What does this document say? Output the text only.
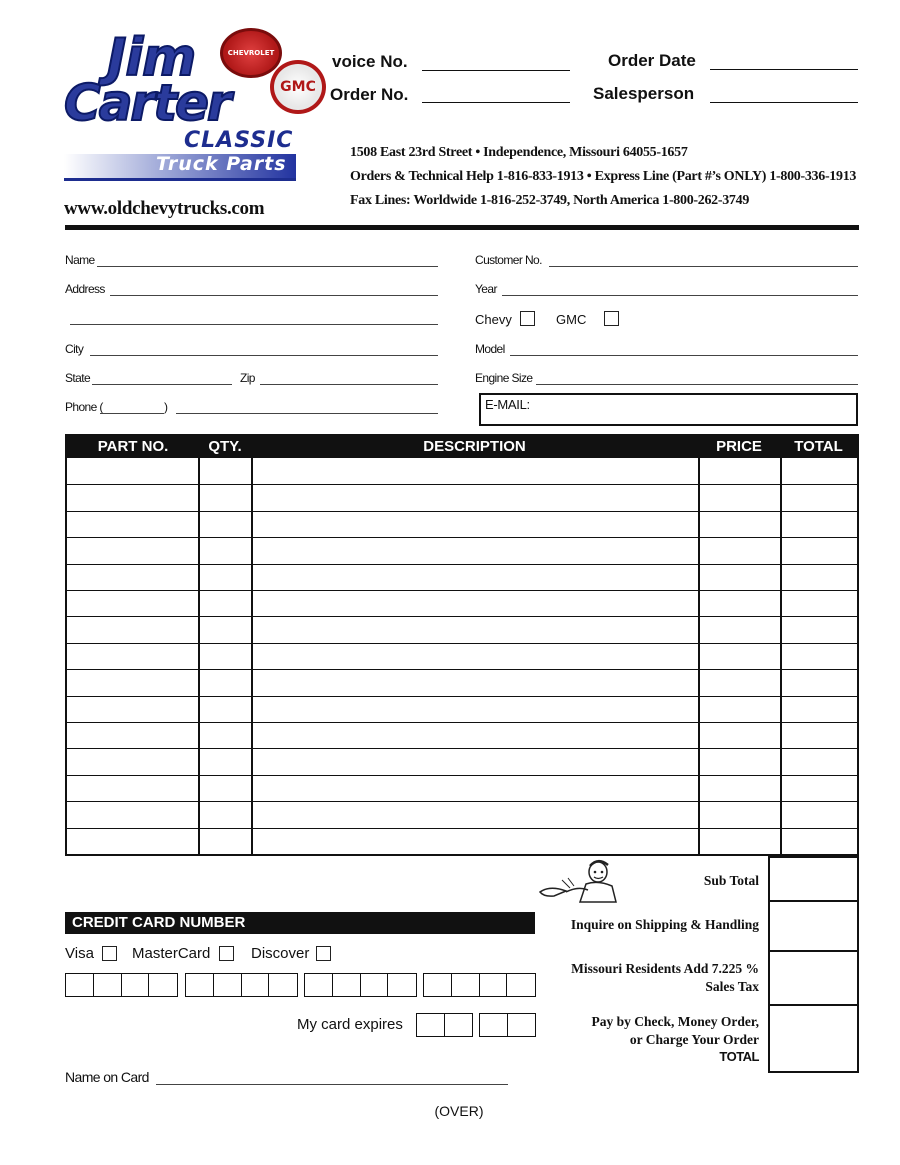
Jim
Carter
CLASSIC
Truck Parts
CHEVROLET
GMC
voice No.
Order No.
Order Date
Salesperson
1508 East 23rd Street • Independence, Missouri 64055-1657
Orders & Technical Help 1-816-833-1913 • Express Line (Part #’s ONLY) 1-800-336-1913
Fax Lines: Worldwide 1-816-252-3749, North America 1-800-262-3749
www.oldchevytrucks.com
Name
Address
City
State	Zip
Phone (	)
Customer No.
Year
Chevy	GMC
Model
Engine Size
E-MAIL:
PART NO.	QTY.	DESCRIPTION	PRICE	TOTAL
Sub Total
Inquire on Shipping & Handling
Missouri Residents Add 7.225 %
Sales Tax
Pay by Check, Money Order,
or Charge Your Order
TOTAL
CREDIT CARD NUMBER
Visa	MasterCard	Discover
My card expires
Name on Card
(OVER)
